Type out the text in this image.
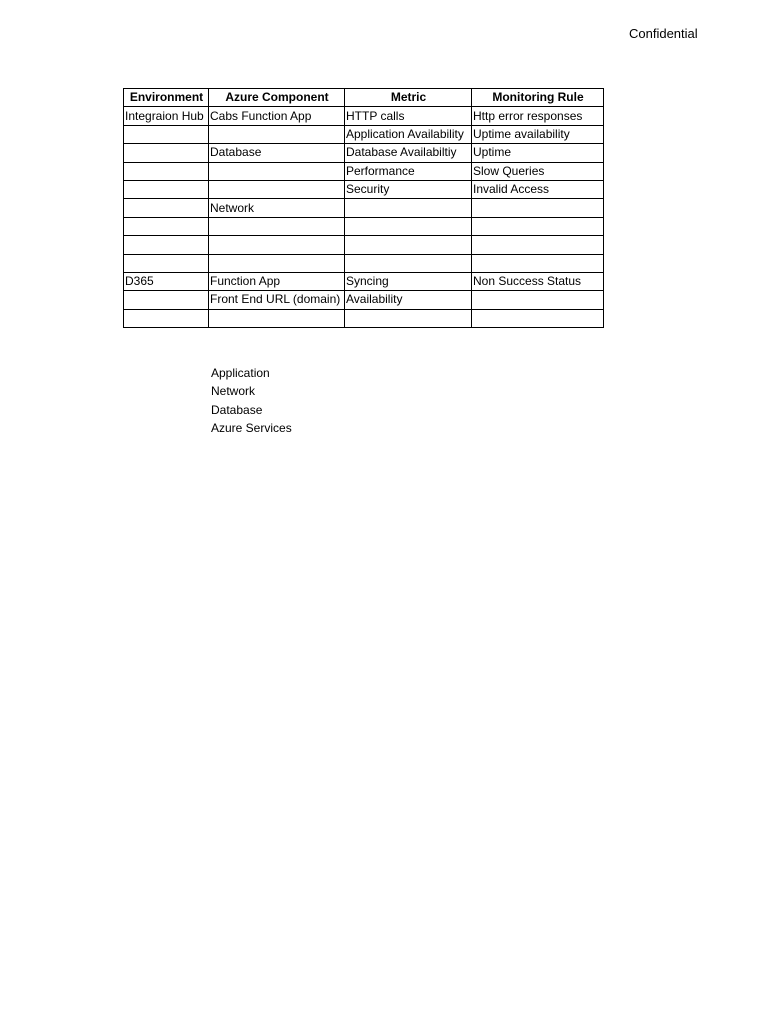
Confidential
Environment	Azure Component	Metric	Monitoring Rule
Integraion Hub	Cabs Function App	HTTP calls	Http error responses
		Application Availability	Uptime availability
	Database	Database Availabiltiy	Uptime
		Performance	Slow Queries
		Security	Invalid Access
	Network		

D365	Function App	Syncing	Non Success Status
	Front End URL (domain)	Availability	

Application
Network
Database
Azure Services
